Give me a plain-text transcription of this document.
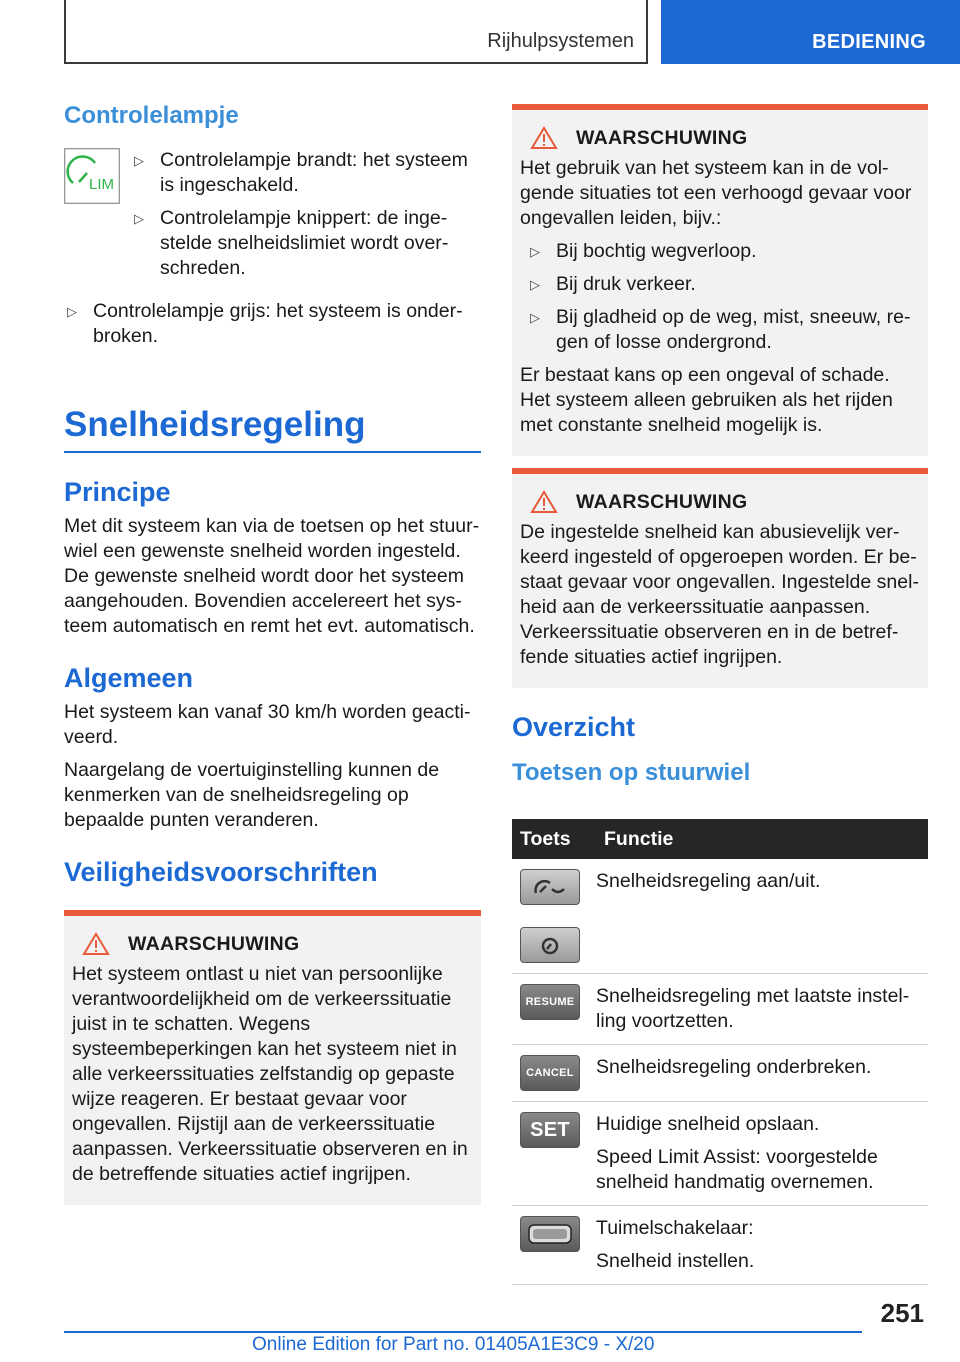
Rijhulpsystemen	BEDIENING
Controlelampje
LIM
▷ Controlelampje brandt: het systeem is ingeschakeld.
▷ Controlelampje knippert: de ingestelde snelheidslimiet wordt overschreden.
▷ Controlelampje grijs: het systeem is onderbroken.
Snelheidsregeling
Principe

Met dit systeem kan via de toetsen op het stuurwiel een gewenste snelheid worden ingesteld. De gewenste snelheid wordt door het systeem aangehouden. Bovendien accelereert het systeem automatisch en remt het evt. automatisch.

Algemeen

Het systeem kan vanaf 30 km/h worden geactiveerd.

Naargelang de voertuiginstelling kunnen de kenmerken van de snelheidsregeling op bepaalde punten veranderen.

Veiligheidsvoorschriften
WAARSCHUWING

Het systeem ontlast u niet van persoonlijke verantwoordelijkheid om de verkeerssituatie juist in te schatten. Wegens systeembeperkingen kan het systeem niet in alle verkeerssituaties zelfstandig op gepaste wijze reageren. Er bestaat gevaar voor ongevallen. Rijstijl aan de verkeerssituatie aanpassen. Verkeerssituatie observeren en in de betreffende situaties actief ingrijpen.

WAARSCHUWING

Het gebruik van het systeem kan in de volgende situaties tot een verhoogd gevaar voor ongevallen leiden, bijv.:

▷ Bij bochtig wegverloop.
▷ Bij druk verkeer.
▷ Bij gladheid op de weg, mist, sneeuw, regen of losse ondergrond.

Er bestaat kans op een ongeval of schade. Het systeem alleen gebruiken als het rijden met constante snelheid mogelijk is.

WAARSCHUWING

De ingestelde snelheid kan abusievelijk verkeerd ingesteld of opgeroepen worden. Er bestaat gevaar voor ongevallen. Ingestelde snelheid aan de verkeerssituatie aanpassen. Verkeerssituatie observeren en in de betreffende situaties actief ingrijpen.

Overzicht
Toetsen op stuurwiel
Toets	Functie

Snelheidsregeling aan/uit.

RESUME	Snelheidsregeling met laatste instelling voortzetten.

CANCEL	Snelheidsregeling onderbreken.

SET	Huidige snelheid opslaan.

Speed Limit Assist: voorgestelde snelheid handmatig overnemen.

Tuimelschakelaar:

Snelheid instellen.

251
Online Edition for Part no. 01405A1E3C9 - X/20
